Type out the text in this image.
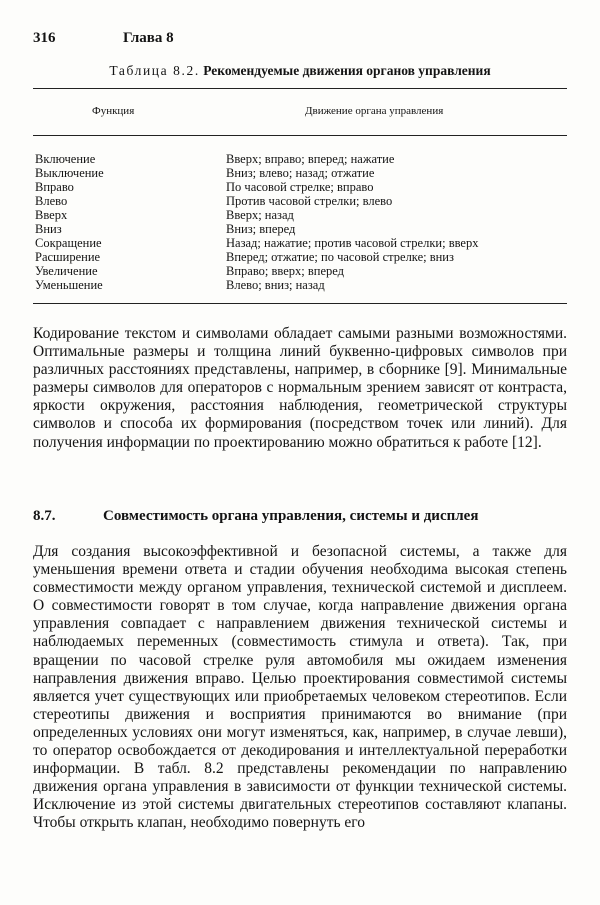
316	Глава 8
Таблица 8.2. Рекомендуемые движения органов управления
Функция	Движение органа управления
Включение	Вверх; вправо; вперед; нажатие
Выключение	Вниз; влево; назад; отжатие
Вправо	По часовой стрелке; вправо
Влево	Против часовой стрелки; влево
Вверх	Вверх; назад
Вниз	Вниз; вперед
Сокращение	Назад; нажатие; против часовой стрелки; вверх
Расширение	Вперед; отжатие; по часовой стрелке; вниз
Увеличение	Вправо; вверх; вперед
Уменьшение	Влево; вниз; назад

Кодирование текстом и символами обладает самыми разными возможностями. Оптимальные размеры и толщина линий буквенно-цифровых символов при различных расстояниях представлены, например, в сборнике [9]. Минимальные размеры символов для операторов с нормальным зрением зависят от контраста, яркости окружения, расстояния наблюдения, геометрической структуры символов и способа их формирования (посредством точек или линий). Для получения информации по проектированию можно обратиться к работе [12].

8.7.	Совместимость органа управления, системы и дисплея

Для создания высокоэффективной и безопасной системы, а также для уменьшения времени ответа и стадии обучения необходима высокая степень совместимости между органом управления, технической системой и дисплеем. О совместимости говорят в том случае, когда направление движения органа управления совпадает с направлением движения технической системы и наблюдаемых переменных (совместимость стимула и ответа). Так, при вращении по часовой стрелке руля автомобиля мы ожидаем изменения направления движения вправо. Целью проектирования совместимой системы является учет существующих или приобретаемых человеком стереотипов. Если стереотипы движения и восприятия принимаются во внимание (при определенных условиях они могут изменяться, как, например, в случае левши), то оператор освобождается от декодирования и интеллектуальной переработки информации. В табл. 8.2 представлены рекомендации по направлению движения органа управления в зависимости от функции технической системы. Исключение из этой системы двигательных стереотипов составляют клапаны. Чтобы открыть клапан, необходимо повернуть его
